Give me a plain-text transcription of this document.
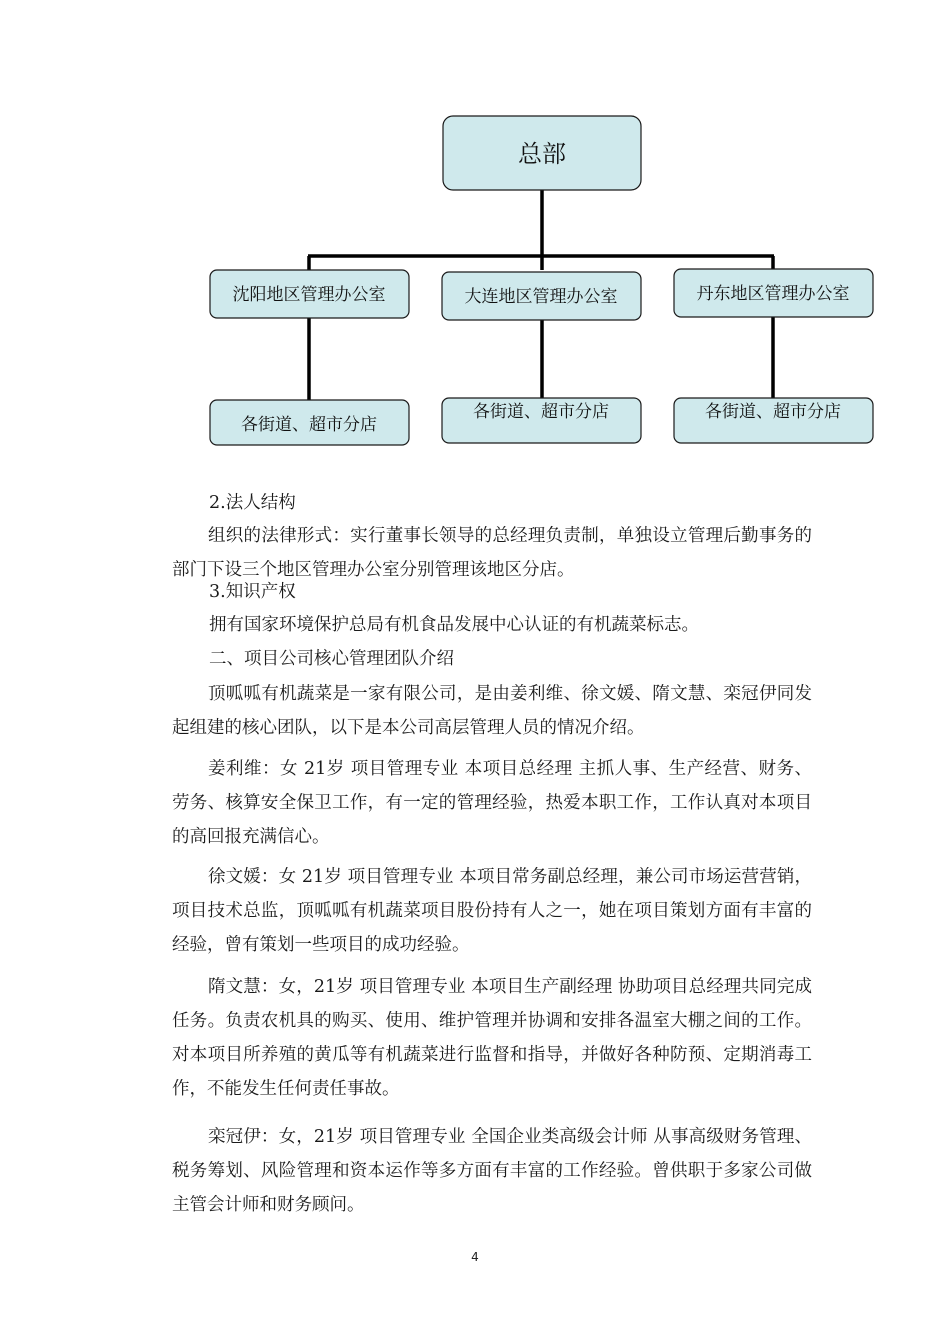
总部
沈阳地区管理办公室	大连地区管理办公室	丹东地区管理办公室
各街道、超市分店
各街道、超市分店	各街道、超市分店

2.法人结构

组织的法律形式：实行董事长领导的总经理负责制，单独设立管理后勤事务的部门下设三个地区管理办公室分别管理该地区分店。

3.知识产权

拥有国家环境保护总局有机食品发展中心认证的有机蔬菜标志。

二、项目公司核心管理团队介绍

顶呱呱有机蔬菜是一家有限公司，是由姜利维、徐文媛、隋文慧、栾冠伊同发起组建的核心团队，以下是本公司高层管理人员的情况介绍。

姜利维：女 21岁 项目管理专业 本项目总经理 主抓人事、生产经营、财务、劳务、核算安全保卫工作，有一定的管理经验，热爱本职工作，工作认真对本项目的高回报充满信心。

徐文媛：女 21岁 项目管理专业 本项目常务副总经理，兼公司市场运营营销，项目技术总监，顶呱呱有机蔬菜项目股份持有人之一，她在项目策划方面有丰富的经验，曾有策划一些项目的成功经验。

隋文慧：女，21岁 项目管理专业 本项目生产副经理 协助项目总经理共同完成任务。负责农机具的购买、使用、维护管理并协调和安排各温室大棚之间的工作。对本项目所养殖的黄瓜等有机蔬菜进行监督和指导，并做好各种防预、定期消毒工作，不能发生任何责任事故。

栾冠伊：女，21岁 项目管理专业 全国企业类高级会计师 从事高级财务管理、税务筹划、风险管理和资本运作等多方面有丰富的工作经验。曾供职于多家公司做主管会计师和财务顾问。

4
